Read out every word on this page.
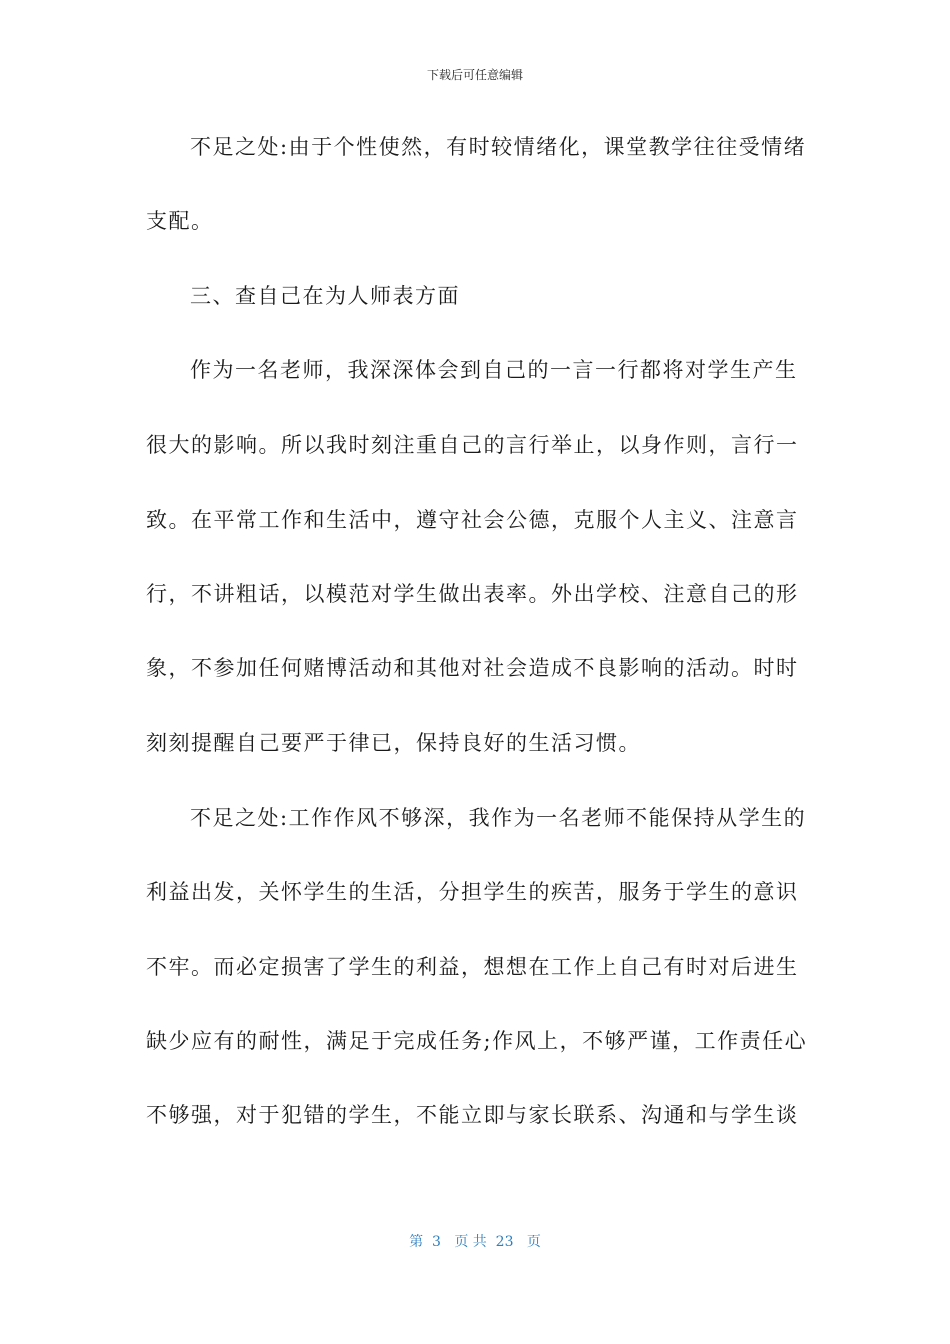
下载后可任意编辑
不足之处:由于个性使然，有时较情绪化，课堂教学往往受情绪
支配。
三、查自己在为人师表方面
作为一名老师，我深深体会到自己的一言一行都将对学生产生
很大的影响。所以我时刻注重自己的言行举止，以身作则，言行一
致。在平常工作和生活中，遵守社会公德，克服个人主义、注意言
行，不讲粗话，以模范对学生做出表率。外出学校、注意自己的形
象，不参加任何赌博活动和其他对社会造成不良影响的活动。时时
刻刻提醒自己要严于律已，保持良好的生活习惯。
不足之处:工作作风不够深，我作为一名老师不能保持从学生的
利益出发，关怀学生的生活，分担学生的疾苦，服务于学生的意识
不牢。而必定损害了学生的利益，想想在工作上自己有时对后进生
缺少应有的耐性，满足于完成任务;作风上，不够严谨，工作责任心
不够强，对于犯错的学生，不能立即与家长联系、沟通和与学生谈
第  3   页 共  23   页
